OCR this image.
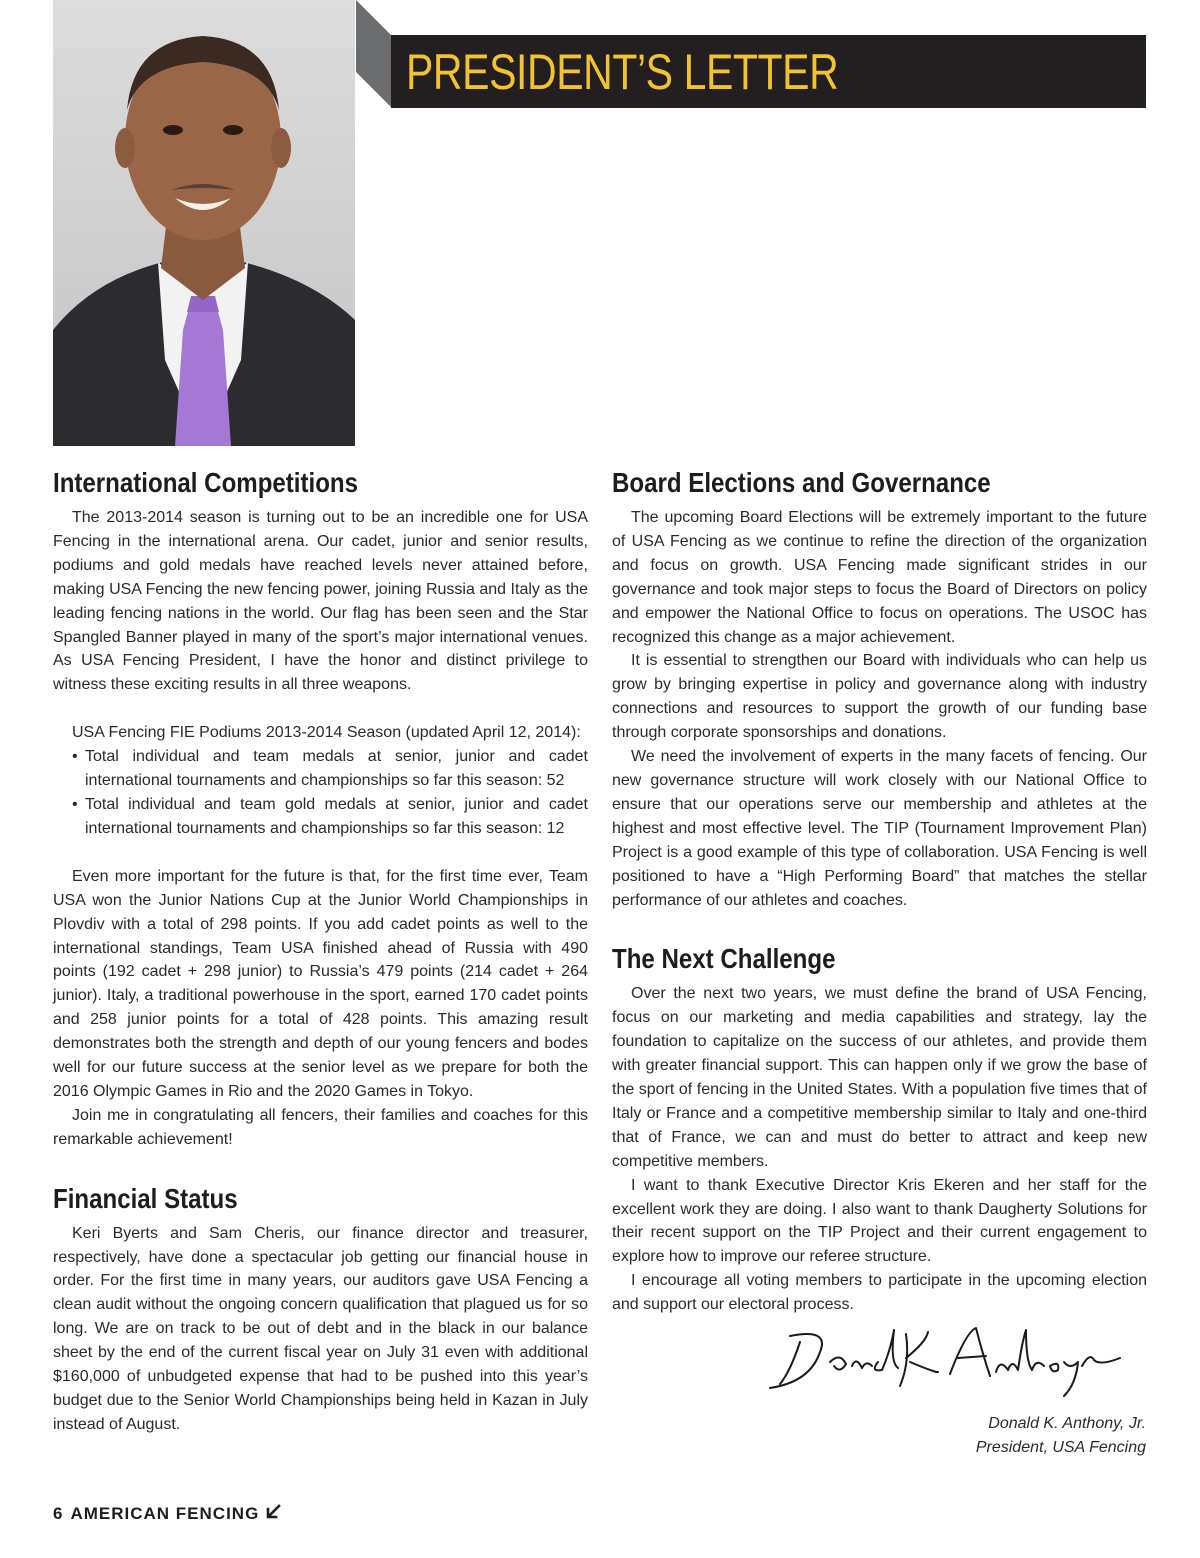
PRESIDENT’S LETTER
International Competitions

The 2013-2014 season is turning out to be an incredible one for USA Fencing in the international arena. Our cadet, junior and senior results, podiums and gold medals have reached levels never attained before, making USA Fencing the new fencing power, joining Russia and Italy as the leading fencing nations in the world. Our flag has been seen and the Star Spangled Banner played in many of the sport’s major international venues. As USA Fencing President, I have the honor and distinct privilege to witness these exciting results in all three weapons.

USA Fencing FIE Podiums 2013-2014 Season (updated April 12, 2014):

• Total individual and team medals at senior, junior and cadet international tournaments and championships so far this season: 52
• Total individual and team gold medals at senior, junior and cadet international tournaments and championships so far this season: 12

Even more important for the future is that, for the first time ever, Team USA won the Junior Nations Cup at the Junior World Championships in Plovdiv with a total of 298 points. If you add cadet points as well to the international standings, Team USA finished ahead of Russia with 490 points (192 cadet + 298 junior) to Russia’s 479 points (214 cadet + 264 junior). Italy, a traditional powerhouse in the sport, earned 170 cadet points and 258 junior points for a total of 428 points. This amazing result demonstrates both the strength and depth of our young fencers and bodes well for our future success at the senior level as we prepare for both the 2016 Olympic Games in Rio and the 2020 Games in Tokyo.

Join me in congratulating all fencers, their families and coaches for this remarkable achievement!

Financial Status

Keri Byerts and Sam Cheris, our finance director and treasurer, respectively, have done a spectacular job getting our financial house in order. For the first time in many years, our auditors gave USA Fencing a clean audit without the ongoing concern qualification that plagued us for so long. We are on track to be out of debt and in the black in our balance sheet by the end of the current fiscal year on July 31 even with additional $160,000 of unbudgeted expense that had to be pushed into this year’s budget due to the Senior World Championships being held in Kazan in July instead of August.

Board Elections and Governance

The upcoming Board Elections will be extremely important to the future of USA Fencing as we continue to refine the direction of the organization and focus on growth. USA Fencing made significant strides in our governance and took major steps to focus the Board of Directors on policy and empower the National Office to focus on operations. The USOC has recognized this change as a major achievement.

It is essential to strengthen our Board with individuals who can help us grow by bringing expertise in policy and governance along with industry connections and resources to support the growth of our funding base through corporate sponsorships and donations.

We need the involvement of experts in the many facets of fencing. Our new governance structure will work closely with our National Office to ensure that our operations serve our membership and athletes at the highest and most effective level. The TIP (Tournament Improvement Plan) Project is a good example of this type of collaboration. USA Fencing is well positioned to have a “High Performing Board” that matches the stellar performance of our athletes and coaches.

The Next Challenge

Over the next two years, we must define the brand of USA Fencing, focus on our marketing and media capabilities and strategy, lay the foundation to capitalize on the success of our athletes, and provide them with greater financial support. This can happen only if we grow the base of the sport of fencing in the United States. With a population five times that of Italy or France and a competitive membership similar to Italy and one-third that of France, we can and must do better to attract and keep new competitive members.

I want to thank Executive Director Kris Ekeren and her staff for the excellent work they are doing. I also want to thank Daugherty Solutions for their recent support on the TIP Project and their current engagement to explore how to improve our referee structure.

I encourage all voting members to participate in the upcoming election and support our electoral process.

Donald K. Anthony, Jr.
President, USA Fencing
6 AMERICAN FENCING
